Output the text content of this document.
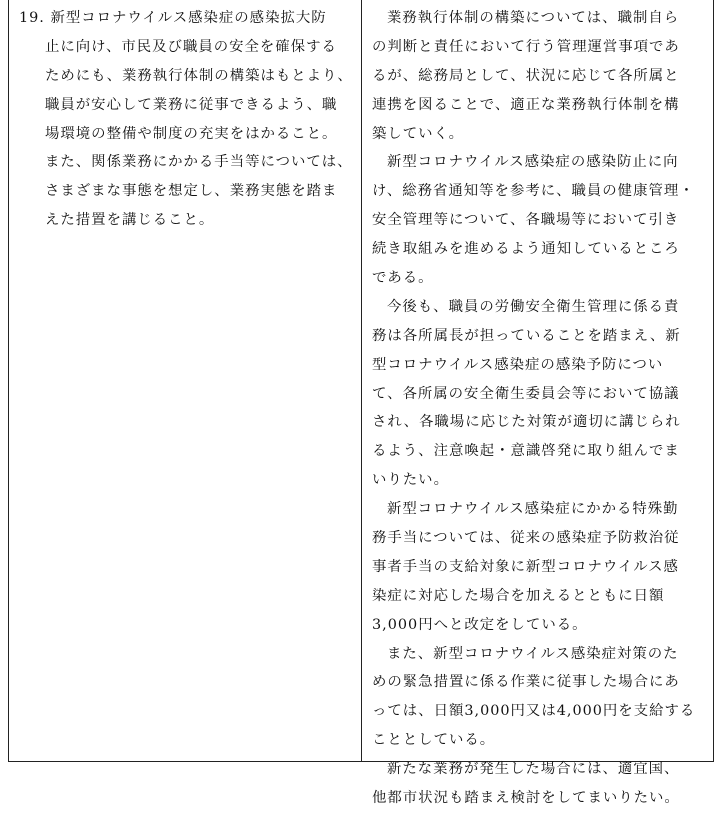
19. 新型コロナウイルス感染症の感染拡大防
止に向け、市民及び職員の安全を確保する
ためにも、業務執行体制の構築はもとより、
職員が安心して業務に従事できるよう、職
場環境の整備や制度の充実をはかること。
また、関係業務にかかる手当等については、
さまざまな事態を想定し、業務実態を踏ま
えた措置を講じること。
業務執行体制の構築については、職制自ら
の判断と責任において行う管理運営事項であ
るが、総務局として、状況に応じて各所属と
連携を図ることで、適正な業務執行体制を構
築していく。
新型コロナウイルス感染症の感染防止に向
け、総務省通知等を参考に、職員の健康管理・
安全管理等について、各職場等において引き
続き取組みを進めるよう通知しているところ
である。
今後も、職員の労働安全衛生管理に係る責
務は各所属長が担っていることを踏まえ、新
型コロナウイルス感染症の感染予防につい
て、各所属の安全衛生委員会等において協議
され、各職場に応じた対策が適切に講じられ
るよう、注意喚起・意識啓発に取り組んでま
いりたい。
新型コロナウイルス感染症にかかる特殊勤
務手当については、従来の感染症予防救治従
事者手当の支給対象に新型コロナウイルス感
染症に対応した場合を加えるとともに日額
3,000円へと改定をしている。
また、新型コロナウイルス感染症対策のた
めの緊急措置に係る作業に従事した場合にあ
っては、日額3,000円又は4,000円を支給する
こととしている。
新たな業務が発生した場合には、適宜国、
他都市状況も踏まえ検討をしてまいりたい。
